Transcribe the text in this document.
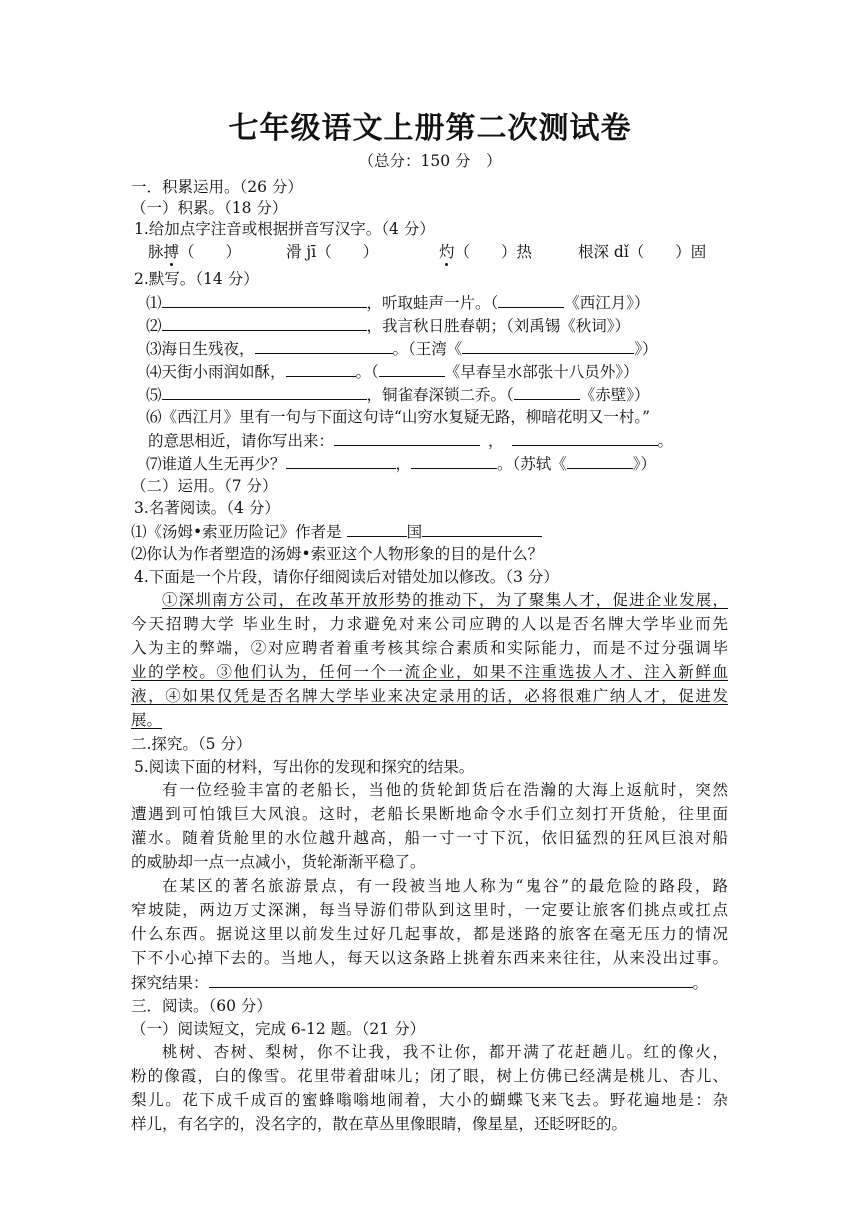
七年级语文上册第二次测试卷
（总分：150 分　）
一．积累运用。（26 分）
（一）积累。（18 分）
1.给加点字注音或根据拼音写汉字。（4 分）
脉搏（　　）	滑 jī（　　）	灼（　　）热	根深 dǐ（　　）固
2.默写。（14 分）
⑴	，听取蛙声一片。（	《西江月》）
⑵	，我言秋日胜春朝；（刘禹锡《秋词》）
⑶海日生残夜，	。（王湾《	》）
⑷天街小雨润如酥，	。（	《早春呈水部张十八员外》）
⑸	，铜雀春深锁二乔。（	《赤壁》）
⑹《西江月》里有一句与下面这句诗“山穷水复疑无路，柳暗花明又一村。”
的意思相近，请你写出来：	，	。
⑺谁道人生无再少？	，	。（苏轼《	》）
（二）运用。（7 分）
3.名著阅读。（4 分）
⑴《汤姆•索亚历险记》作者是	国
⑵你认为作者塑造的汤姆•索亚这个人物形象的目的是什么？
4.下面是一个片段，请你仔细阅读后对错处加以修改。（3 分）
①深圳南方公司，在改革开放形势的推动下，为了聚集人才，促进企业发展，
今天招聘大学 毕业生时，力求避免对来公司应聘的人以是否名牌大学毕业而先
入为主的弊端，②对应聘者着重考核其综合素质和实际能力，而是不过分强调毕
业的学校。③他们认为，任何一个一流企业，如果不注重选拔人才、注入新鲜血
液，④如果仅凭是否名牌大学毕业来决定录用的话，必将很难广纳人才，促进发
展。
二.探究。（5 分）
5.阅读下面的材料，写出你的发现和探究的结果。
有一位经验丰富的老船长，当他的货轮卸货后在浩瀚的大海上返航时，突然
遭遇到可怕饿巨大风浪。这时，老船长果断地命令水手们立刻打开货舱，往里面
灌水。随着货舱里的水位越升越高，船一寸一寸下沉，依旧猛烈的狂风巨浪对船
的威胁却一点一点减小，货轮渐渐平稳了。
在某区的著名旅游景点，有一段被当地人称为“鬼谷”的最危险的路段，路
窄坡陡，两边万丈深渊，每当导游们带队到这里时，一定要让旅客们挑点或扛点
什么东西。据说这里以前发生过好几起事故，都是迷路的旅客在毫无压力的情况
下不小心掉下去的。当地人，每天以这条路上挑着东西来来往往，从来没出过事。
探究结果：	。
三．阅读。（60 分）
（一）阅读短文，完成 6-12 题。（21 分）
桃树、杏树、梨树，你不让我，我不让你，都开满了花赶趟儿。红的像火，
粉的像霞，白的像雪。花里带着甜味儿；闭了眼，树上仿佛已经满是桃儿、杏儿、
梨儿。花下成千成百的蜜蜂嗡嗡地闹着，大小的蝴蝶飞来飞去。野花遍地是：杂
样儿，有名字的，没名字的，散在草丛里像眼睛，像星星，还眨呀眨的。
